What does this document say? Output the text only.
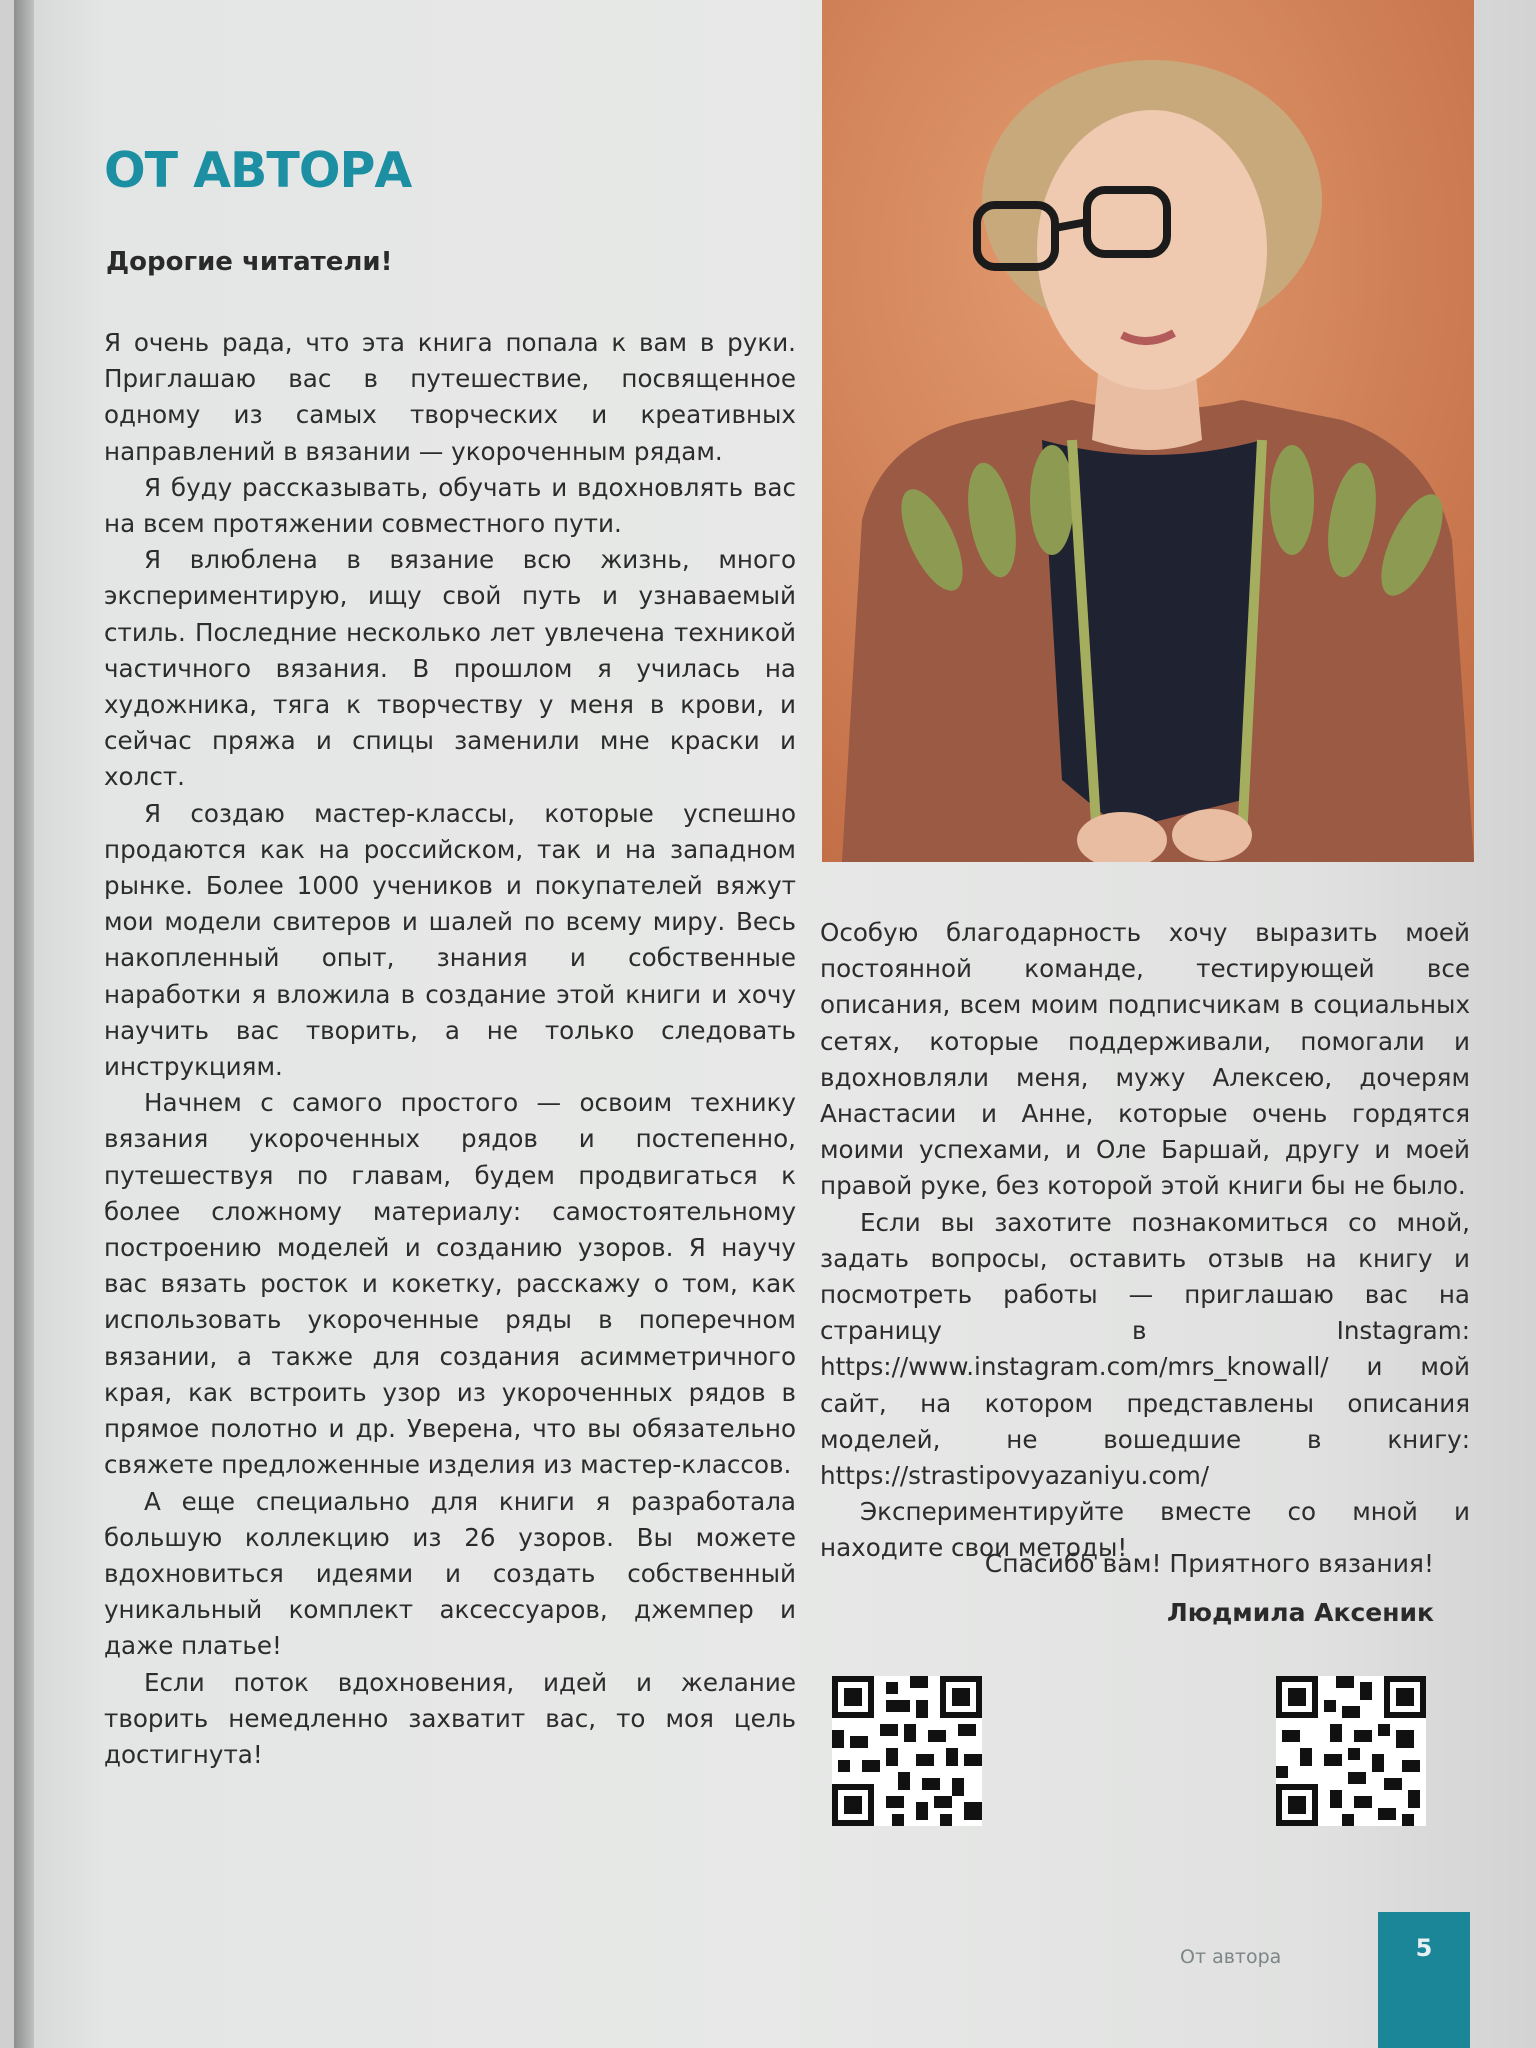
ОТ АВТОРА
Дорогие читатели!

Я очень рада, что эта книга попала к вам в руки. Приглашаю вас в путешествие, посвященное одному из самых творческих и креативных направлений в вязании — укороченным рядам.

Я буду рассказывать, обучать и вдохновлять вас на всем протяжении совместного пути.

Я влюблена в вязание всю жизнь, много экспериментирую, ищу свой путь и узнаваемый стиль. Последние несколько лет увлечена техникой частичного вязания. В прошлом я училась на художника, тяга к творчеству у меня в крови, и сейчас пряжа и спицы заменили мне краски и холст.

Я создаю мастер-классы, которые успешно продаются как на российском, так и на западном рынке. Более 1000 учеников и покупателей вяжут мои модели свитеров и шалей по всему миру. Весь накопленный опыт, знания и собственные наработки я вложила в создание этой книги и хочу научить вас творить, а не только следовать инструкциям.

Начнем с самого простого — освоим технику вязания укороченных рядов и постепенно, путешествуя по главам, будем продвигаться к более сложному материалу: самостоятельному построению моделей и созданию узоров. Я научу вас вязать росток и кокетку, расскажу о том, как использовать укороченные ряды в поперечном вязании, а также для создания асимметричного края, как встроить узор из укороченных рядов в прямое полотно и др. Уверена, что вы обязательно свяжете предложенные изделия из мастер-классов.

А еще специально для книги я разработала большую коллекцию из 26 узоров. Вы можете вдохновиться идеями и создать собственный уникальный комплект аксессуаров, джемпер и даже платье!

Если поток вдохновения, идей и желание творить немедленно захватит вас, то моя цель достигнута!

Особую благодарность хочу выразить моей постоянной команде, тестирующей все описания, всем моим подписчикам в социальных сетях, которые поддерживали, помогали и вдохновляли меня, мужу Алексею, дочерям Анастасии и Анне, которые очень гордятся моими успехами, и Оле Баршай, другу и моей правой руке, без которой этой книги бы не было.

Если вы захотите познакомиться со мной, задать вопросы, оставить отзыв на книгу и посмотреть работы — приглашаю вас на страницу в Instagram: https://www.instagram.com/mrs_knowall/ и мой сайт, на котором представлены описания моделей, не вошедшие в книгу: https://strastipovyazaniyu.com/

Экспериментируйте вместе со мной и находите свои методы!

Спасибо вам! Приятного вязания!
Людмила Аксеник
От автора	5
